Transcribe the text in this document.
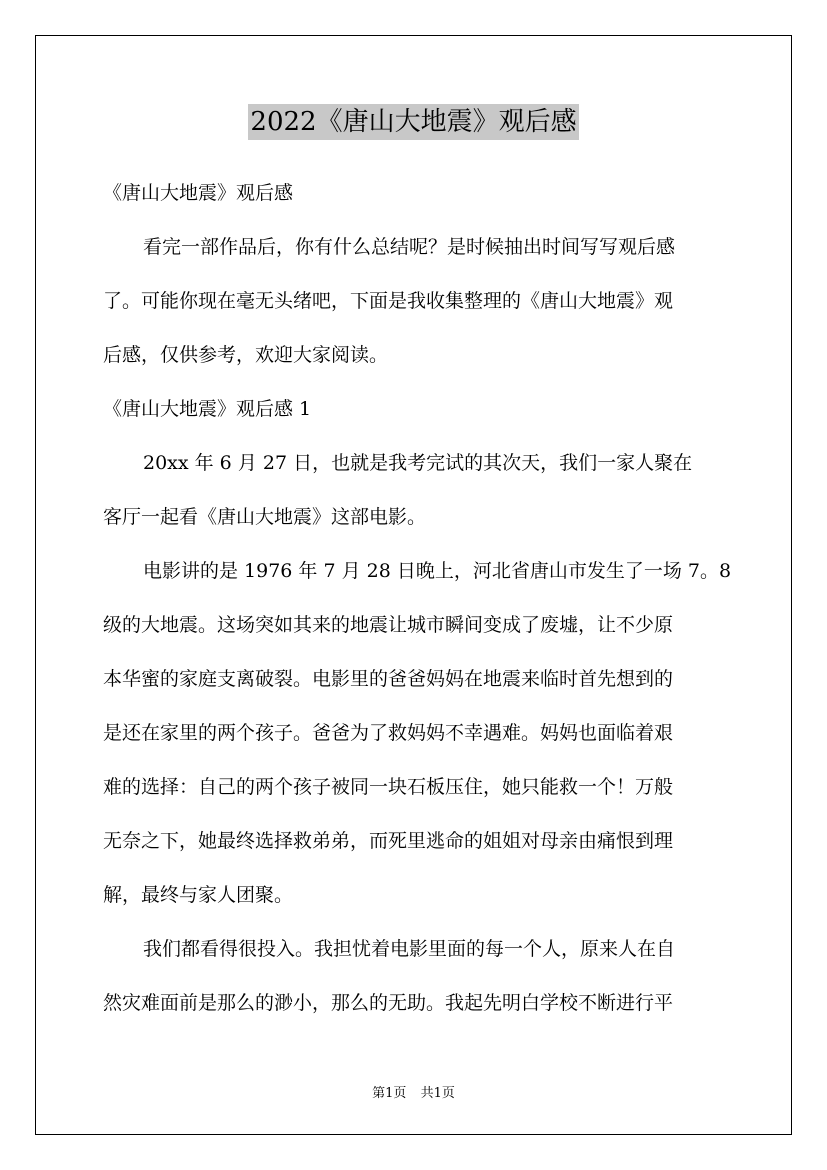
2022《唐山大地震》观后感
《唐山大地震》观后感
看完一部作品后，你有什么总结呢？是时候抽出时间写写观后感
了。可能你现在毫无头绪吧，下面是我收集整理的《唐山大地震》观
后感，仅供参考，欢迎大家阅读。
《唐山大地震》观后感 1
20xx 年 6 月 27 日，也就是我考完试的其次天，我们一家人聚在
客厅一起看《唐山大地震》这部电影。
电影讲的是 1976 年 7 月 28 日晚上，河北省唐山市发生了一场 7。8
级的大地震。这场突如其来的地震让城市瞬间变成了废墟，让不少原
本华蜜的家庭支离破裂。电影里的爸爸妈妈在地震来临时首先想到的
是还在家里的两个孩子。爸爸为了救妈妈不幸遇难。妈妈也面临着艰
难的选择：自己的两个孩子被同一块石板压住，她只能救一个！万般
无奈之下，她最终选择救弟弟，而死里逃命的姐姐对母亲由痛恨到理
解，最终与家人团聚。
我们都看得很投入。我担忧着电影里面的每一个人，原来人在自
然灾难面前是那么的渺小，那么的无助。我起先明白学校不断进行平
第1页 共1页
